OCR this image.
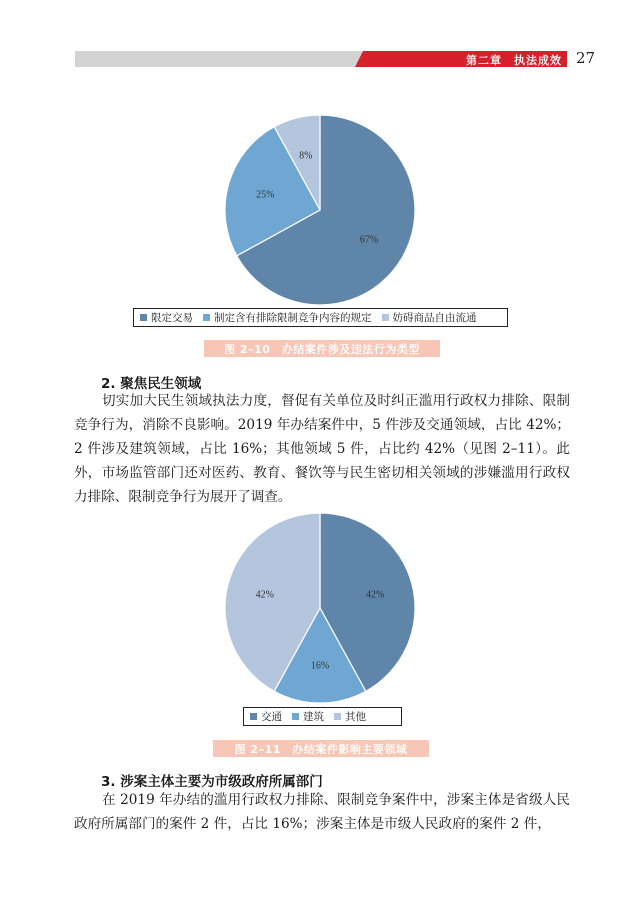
第二章　执法成效 27
67%
25%
8%
限定交易 制定含有排除限制竞争内容的规定 妨碍商品自由流通
图 2–10　办结案件涉及违法行为类型
2. 聚焦民生领域
切实加大民生领域执法力度，督促有关单位及时纠正滥用行政权力排除、限制竞争行为，消除不良影响。2019 年办结案件中，5 件涉及交通领域，占比 42%；2 件涉及建筑领域，占比 16%；其他领域 5 件，占比约 42%（见图 2–11）。此外，市场监管部门还对医药、教育、餐饮等与民生密切相关领域的涉嫌滥用行政权力排除、限制竞争行为展开了调查。
42%
16%
42%
交通 建筑 其他
图 2–11　办结案件影响主要领域
3. 涉案主体主要为市级政府所属部门
在 2019 年办结的滥用行政权力排除、限制竞争案件中，涉案主体是省级人民政府所属部门的案件 2 件，占比 16%；涉案主体是市级人民政府的案件 2 件，
